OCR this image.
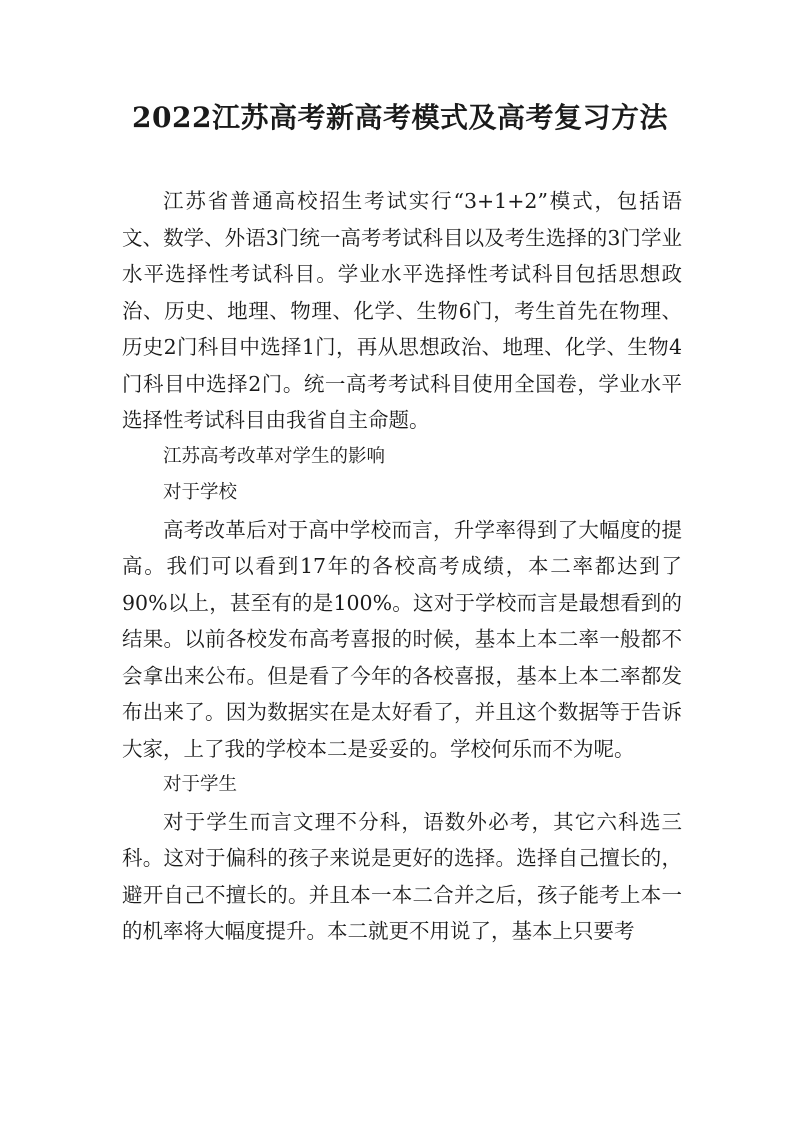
2022江苏高考新高考模式及高考复习方法

江苏省普通高校招生考试实行“3+1+2”模式，包括语文、数学、外语3门统一高考考试科目以及考生选择的3门学业水平选择性考试科目。学业水平选择性考试科目包括思想政治、历史、地理、物理、化学、生物6门，考生首先在物理、历史2门科目中选择1门，再从思想政治、地理、化学、生物4门科目中选择2门。统一高考考试科目使用全国卷，学业水平选择性考试科目由我省自主命题。

江苏高考改革对学生的影响

对于学校

高考改革后对于高中学校而言，升学率得到了大幅度的提高。我们可以看到17年的各校高考成绩，本二率都达到了90%以上，甚至有的是100%。这对于学校而言是最想看到的结果。以前各校发布高考喜报的时候，基本上本二率一般都不会拿出来公布。但是看了今年的各校喜报，基本上本二率都发布出来了。因为数据实在是太好看了，并且这个数据等于告诉大家，上了我的学校本二是妥妥的。学校何乐而不为呢。

对于学生

对于学生而言文理不分科，语数外必考，其它六科选三科。这对于偏科的孩子来说是更好的选择。选择自己擅长的，避开自己不擅长的。并且本一本二合并之后，孩子能考上本一的机率将大幅度提升。本二就更不用说了，基本上只要考
